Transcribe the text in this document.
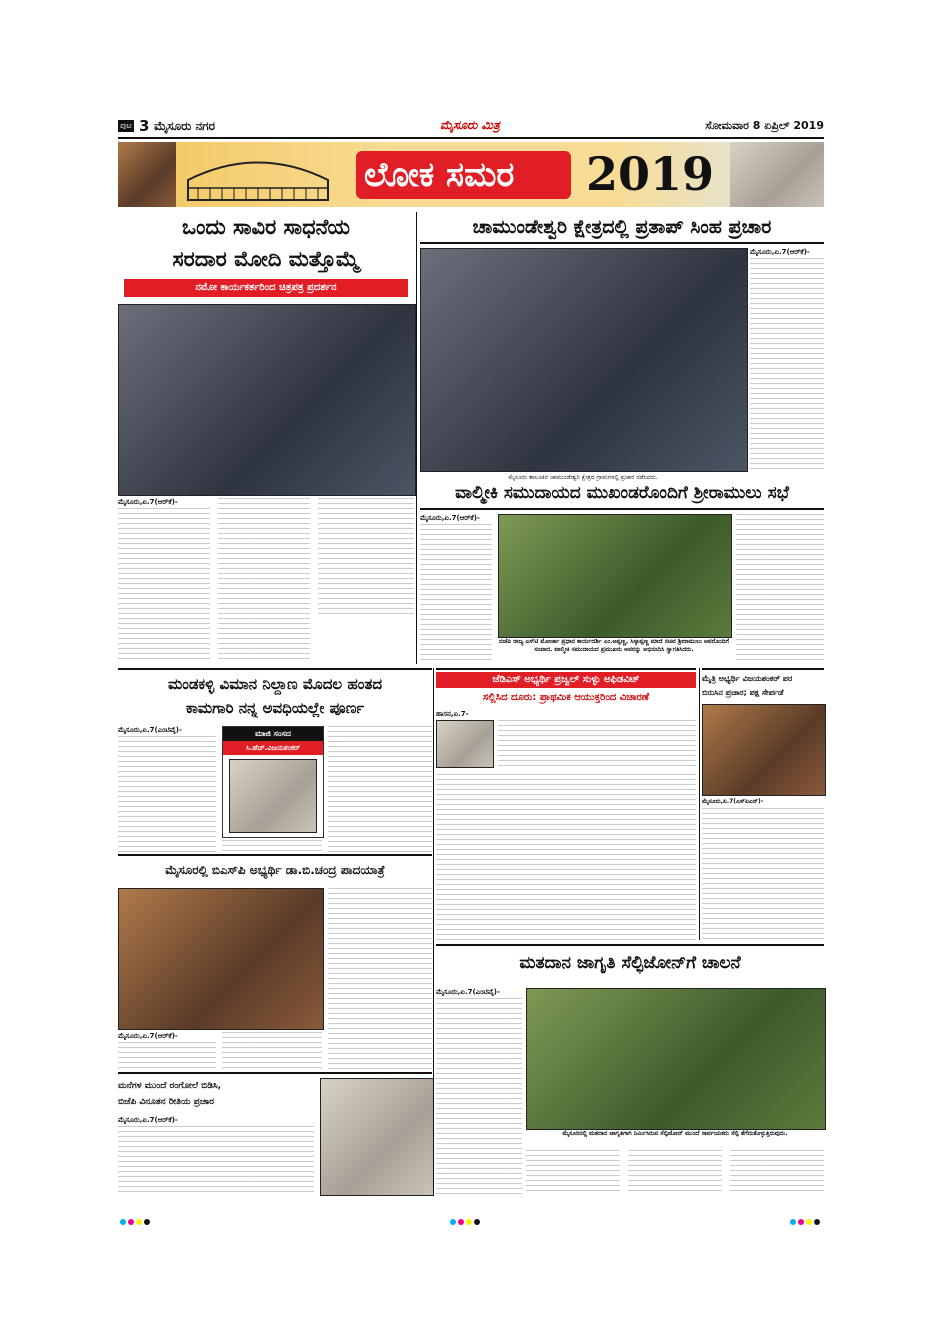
ಪುಟ 3 ಮೈಸೂರು ನಗರ	ಮೈಸೂರು ಮಿತ್ರ	ಸೋಮವಾರ 8 ಏಪ್ರಿಲ್ 2019
ಲೋಕ ಸಮರ 2019
ಒಂದು ಸಾವಿರ ಸಾಧನೆಯ
ಸರದಾರ ಮೋದಿ ಮತ್ತೊಮ್ಮೆ
ನಮೋ ಕಾರ್ಯಕರ್ತರಿಂದ ಚಿತ್ರಪತ್ರ ಪ್ರದರ್ಶನ
ಮೈಸೂರು,ಏ.7(ಆರ್‌ಕೆ)-
ಚಾಮುಂಡೇಶ್ವರಿ ಕ್ಷೇತ್ರದಲ್ಲಿ ಪ್ರತಾಪ್ ಸಿಂಹ ಪ್ರಚಾರ
ಮೈಸೂರು,ಏ.7(ಆರ್‌ಕೆ)-
ಮೈಸೂರು ತಾಲೂಕಿನ ಚಾಮುಂಡೇಶ್ವರಿ ಕ್ಷೇತ್ರದ ಗ್ರಾಮಗಳಲ್ಲಿ ಪ್ರಚಾರ ನಡೆಸಿದರು.
ವಾಲ್ಮೀಕಿ ಸಮುದಾಯದ ಮುಖಂಡರೊಂದಿಗೆ ಶ್ರೀರಾಮುಲು ಸಭೆ
ಮೈಸೂರು,ಏ.7(ಆರ್‌ಕೆ)-
ಬಿಜೆಪಿ ರಾಜ್ಯ ಎಸ್‌ಟಿ ಮೋರ್ಚಾ ಪ್ರಧಾನ ಕಾರ್ಯದರ್ಶಿ ಎಂ.ಅಪ್ಪಣ್ಣ, ಸಿಸ್ಕಾಪ್ಪಣ್ಣ ಮಾಜಿ ಸಚಿವ ಶ್ರೀರಾಮುಲು ಅವರೊಂದಿಗೆ ಸಂವಾದ. ವಾಲ್ಮೀಕಿ ಸಮುದಾಯದ ಪ್ರಮುಖರು ಅವರನ್ನು ಅಭಿನಂದಿಸಿ ಸ್ವಾಗತಿಸಿದರು.
ಮಂಡಕಳ್ಳಿ ವಿಮಾನ ನಿಲ್ದಾಣ ಮೊದಲ ಹಂತದ
ಕಾಮಗಾರಿ ನನ್ನ ಅವಧಿಯಲ್ಲೇ ಪೂರ್ಣ
ಮೈಸೂರು,ಏ.7(ಎಂಟಿವೈ)-	ಮಾಜಿ ಸಂಸದ
ಸಿ.ಹೆಚ್.ವಿಜಯಶಂಕರ್
ಜೆಡಿಎಸ್ ಅಭ್ಯರ್ಥಿ ಪ್ರಜ್ವಲ್ ಸುಳ್ಳು ಅಫಿಡವಿಟ್
ಸಲ್ಲಿಸಿದ ದೂರು: ಪ್ರಾಥಮಿಕ ಆಯುಕ್ತರಿಂದ ವಿಚಾರಣೆ
ಹಾಸನ,ಏ.7-
ಮೈತ್ರಿ ಅಭ್ಯರ್ಥಿ ವಿಜಯಶಂಕರ್ ಪರ
ಬಿರುಸಿನ ಪ್ರಚಾರ; ಪಕ್ಷ ಸೇರ್ಪಡೆ
ಮೈಸೂರು,ಏ.7(ಎಸ್‌ಪಿಎನ್)-
ಮೈಸೂರಲ್ಲಿ ಬಿಎಸ್‌ಪಿ ಅಭ್ಯರ್ಥಿ ಡಾ.ಬಿ.ಚಂದ್ರ ಪಾದಯಾತ್ರೆ
ಮೈಸೂರು,ಏ.7(ಆರ್‌ಕೆ)-
ಮನೆಗಳ ಮುಂದೆ ರಂಗೋಲೆ ಬಿಡಿಸಿ,
ಬಿಜೆಪಿ ವಿನೂತನ ರೀತಿಯ ಪ್ರಚಾರ
ಮೈಸೂರು,ಏ.7(ಆರ್‌ಕೆ)-
ಮತದಾನ ಜಾಗೃತಿ ಸೆಲ್ಫಿಜೋನ್‌ಗೆ ಚಾಲನೆ
ಮೈಸೂರು,ಏ.7(ಎಂಟಿವೈ)-
ಮೈಸೂರಿನಲ್ಲಿ ಮತದಾನ ಜಾಗೃತಿಗಾಗಿ ನಿರ್ಮಿಸಿರುವ ಸೆಲ್ಫಿಜೋನ್ ಮುಂದೆ ಸಾರ್ವಜನಿಕರು ಸೆಲ್ಫಿ ತೆಗೆದುಕೊಳ್ಳುತ್ತಿರುವುದು.
